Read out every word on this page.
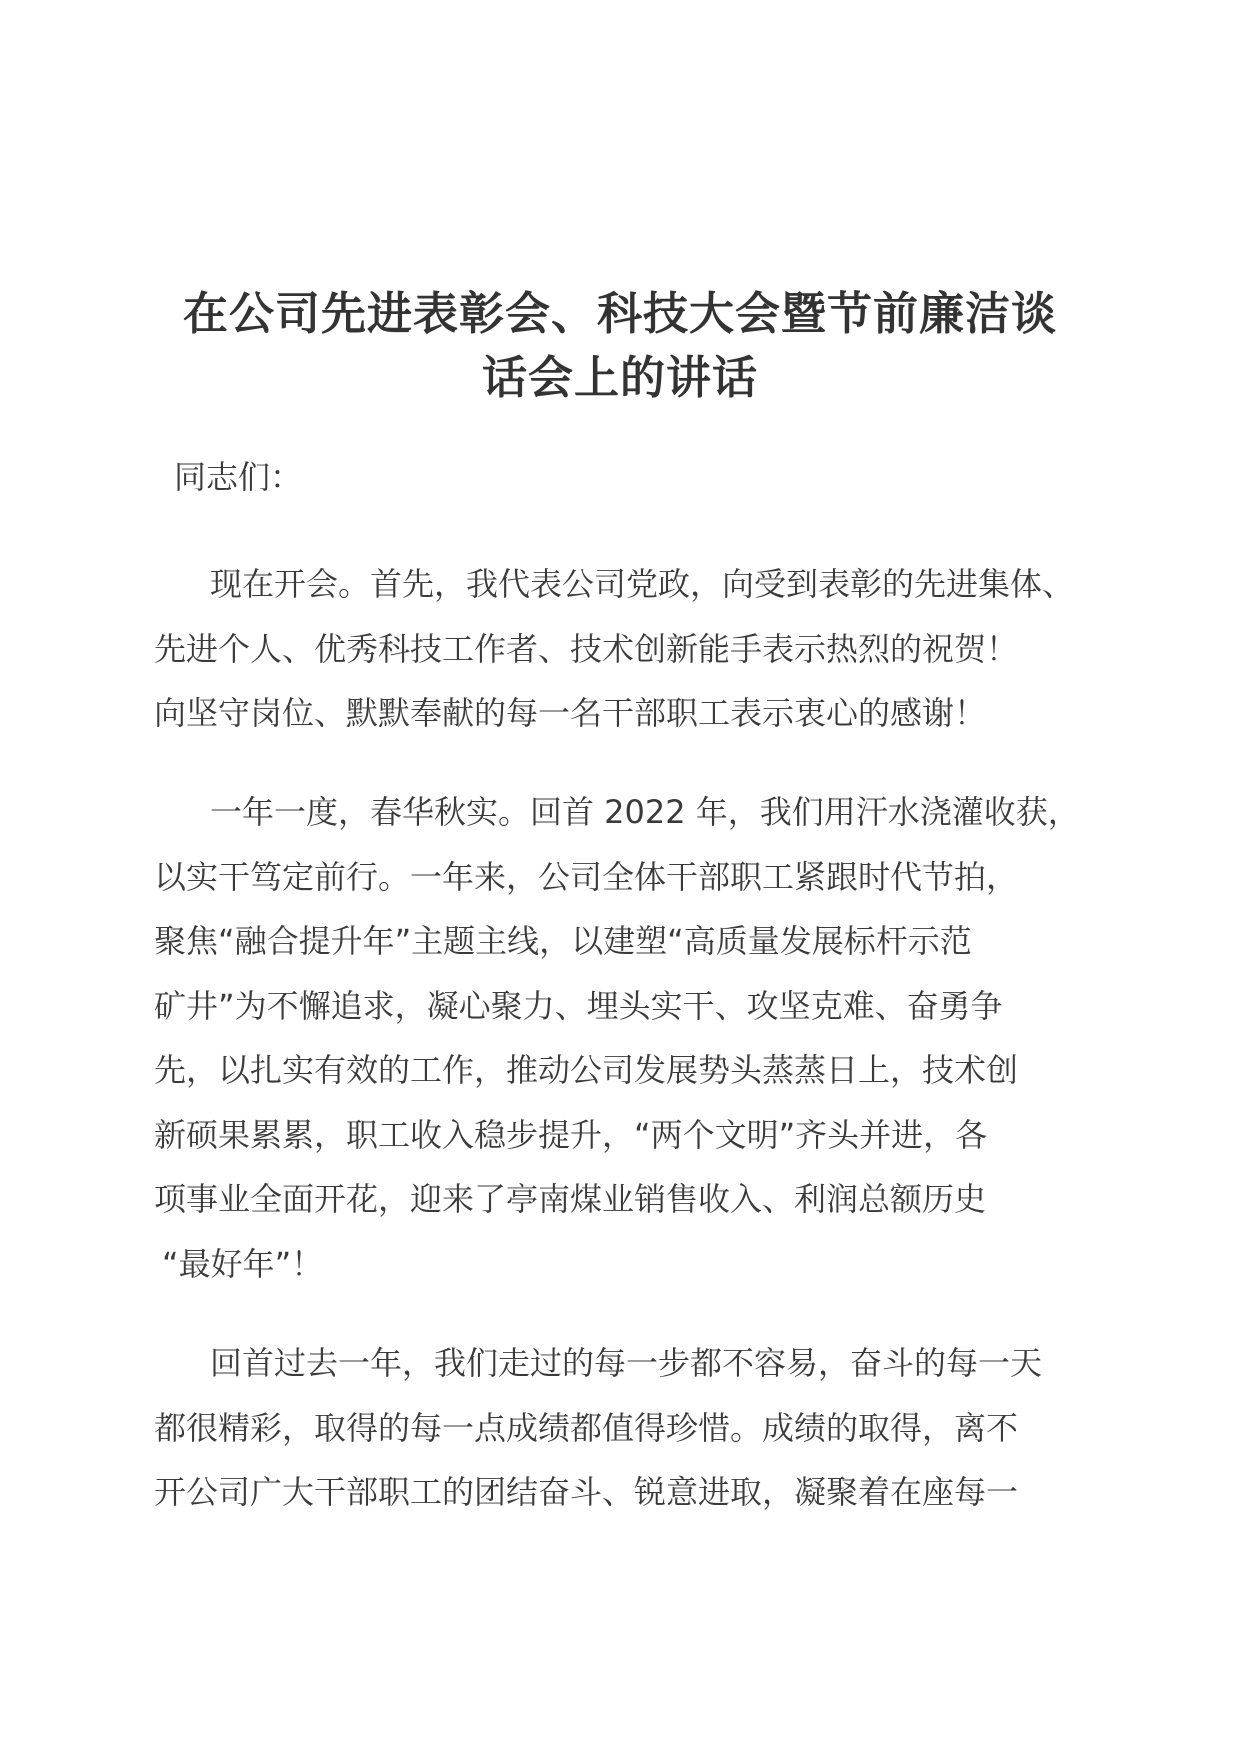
在公司先进表彰会、科技大会暨节前廉洁谈
话会上的讲话
同志们：
现在开会。首先，我代表公司党政，向受到表彰的先进集体、
先进个人、优秀科技工作者、技术创新能手表示热烈的祝贺！
向坚守岗位、默默奉献的每一名干部职工表示衷心的感谢！
一年一度，春华秋实。回首 2022 年，我们用汗水浇灌收获，
以实干笃定前行。一年来，公司全体干部职工紧跟时代节拍，
聚焦“融合提升年”主题主线，以建塑“高质量发展标杆示范
矿井”为不懈追求，凝心聚力、埋头实干、攻坚克难、奋勇争
先，以扎实有效的工作，推动公司发展势头蒸蒸日上，技术创
新硕果累累，职工收入稳步提升，“两个文明”齐头并进，各
项事业全面开花，迎来了亭南煤业销售收入、利润总额历史
“最好年”！
回首过去一年，我们走过的每一步都不容易，奋斗的每一天
都很精彩，取得的每一点成绩都值得珍惜。成绩的取得，离不
开公司广大干部职工的团结奋斗、锐意进取，凝聚着在座每一
